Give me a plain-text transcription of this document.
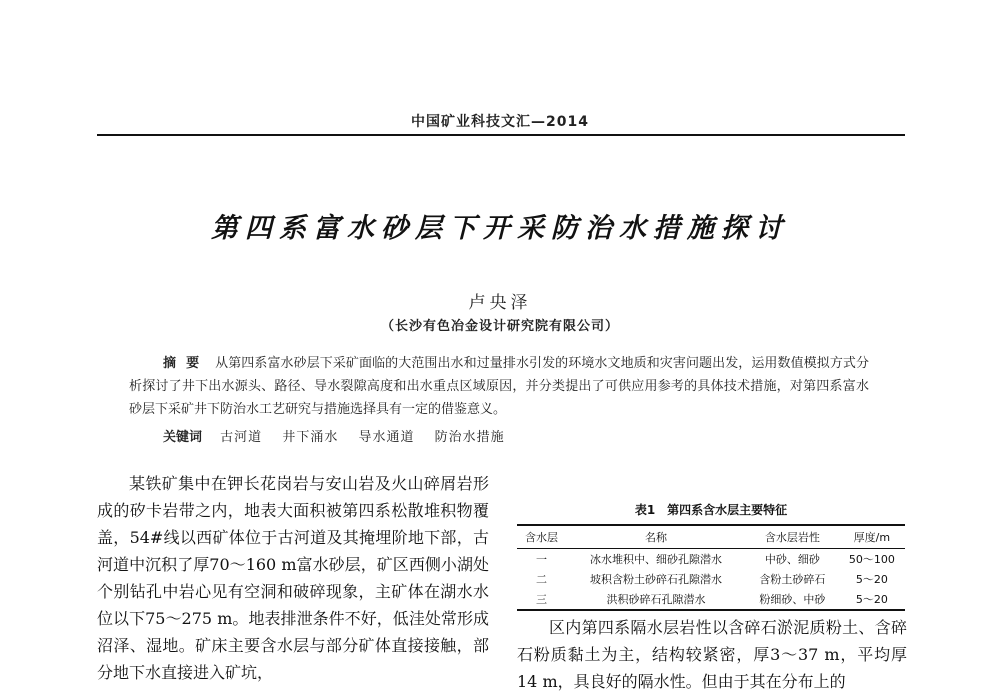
中国矿业科技文汇—2014
第四系富水砂层下开采防治水措施探讨
卢央泽
（长沙有色冶金设计研究院有限公司）
摘要 从第四系富水砂层下采矿面临的大范围出水和过量排水引发的环境水文地质和灾害问题出发，运用数值模拟方式分析探讨了井下出水源头、路径、导水裂隙高度和出水重点区域原因，并分类提出了可供应用参考的具体技术措施，对第四系富水砂层下采矿井下防治水工艺研究与措施选择具有一定的借鉴意义。
关键词 古河道 井下涌水 导水通道 防治水措施
某铁矿集中在钾长花岗岩与安山岩及火山碎屑岩形成的矽卡岩带之内，地表大面积被第四系松散堆积物覆盖，54#线以西矿体位于古河道及其掩埋阶地下部，古河道中沉积了厚70～160 m富水砂层，矿区西侧小湖处个别钻孔中岩心见有空洞和破碎现象，主矿体在湖水水位以下75～275 m。地表排泄条件不好，低洼处常形成沼泽、湿地。矿床主要含水层与部分矿体直接接触，部分地下水直接进入矿坑，
表1　第四系含水层主要特征
含水层	名称	含水层岩性	厚度/m
一	冰水堆积中、细砂孔隙潜水	中砂、细砂	50～100
二	坡积含粉土砂碎石孔隙潜水	含粉土砂碎石	5～20
三	洪积砂碎石孔隙潜水	粉细砂、中砂	5～20
区内第四系隔水层岩性以含碎石淤泥质粉土、含碎石粉质黏土为主，结构较紧密，厚3～37 m，平均厚14 m，具良好的隔水性。但由于其在分布上的
